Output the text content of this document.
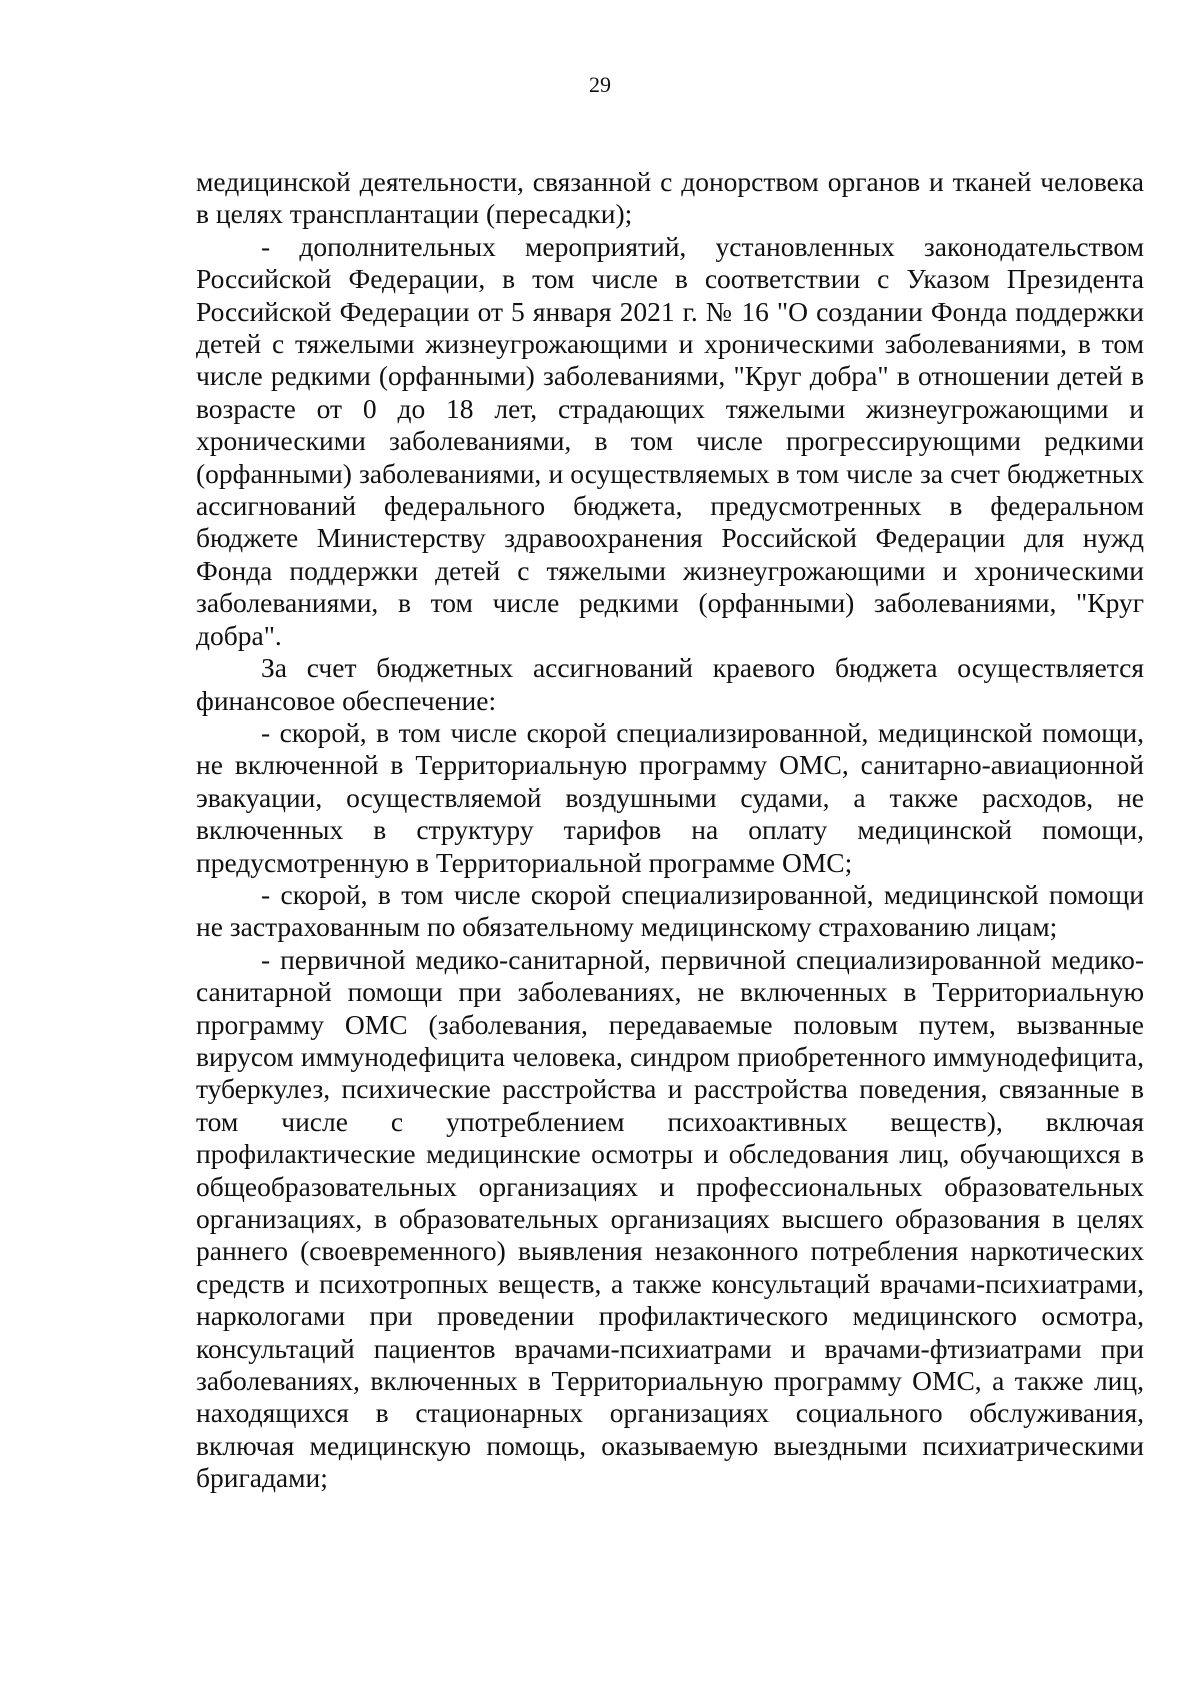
29

медицинской деятельности, связанной с донорством органов и тканей человека в целях трансплантации (пересадки);

- дополнительных мероприятий, установленных законодательством Российской Федерации, в том числе в соответствии с Указом Президента Российской Федерации от 5 января 2021 г. № 16 "О создании Фонда поддержки детей с тяжелыми жизнеугрожающими и хроническими заболеваниями, в том числе редкими (орфанными) заболеваниями, "Круг добра" в отношении детей в возрасте от 0 до 18 лет, страдающих тяжелыми жизнеугрожающими и хроническими заболеваниями, в том числе прогрессирующими редкими (орфанными) заболеваниями, и осуществляемых в том числе за счет бюджетных ассигнований федерального бюджета, предусмотренных в федеральном бюджете Министерству здравоохранения Российской Федерации для нужд Фонда поддержки детей с тяжелыми жизнеугрожающими и хроническими заболеваниями, в том числе редкими (орфанными) заболеваниями, "Круг добра".

За счет бюджетных ассигнований краевого бюджета осуществляется финансовое обеспечение:

- скорой, в том числе скорой специализированной, медицинской помощи, не включенной в Территориальную программу ОМС, санитарно-авиационной эвакуации, осуществляемой воздушными судами, а также расходов, не включенных в структуру тарифов на оплату медицинской помощи, предусмотренную в Территориальной программе ОМС;

- скорой, в том числе скорой специализированной, медицинской помощи не застрахованным по обязательному медицинскому страхованию лицам;

- первичной медико-санитарной, первичной специализированной медико-санитарной помощи при заболеваниях, не включенных в Территориальную программу ОМС (заболевания, передаваемые половым путем, вызванные вирусом иммунодефицита человека, синдром приобретенного иммунодефицита, туберкулез, психические расстройства и расстройства поведения, связанные в том числе с употреблением психоактивных веществ), включая профилактические медицинские осмотры и обследования лиц, обучающихся в общеобразовательных организациях и профессиональных образовательных организациях, в образовательных организациях высшего образования в целях раннего (своевременного) выявления незаконного потребления наркотических средств и психотропных веществ, а также консультаций врачами-психиатрами, наркологами при проведении профилактического медицинского осмотра, консультаций пациентов врачами-психиатрами и врачами-фтизиатрами при заболеваниях, включенных в Территориальную программу ОМС, а также лиц, находящихся в стационарных организациях социального обслуживания, включая медицинскую помощь, оказываемую выездными психиатрическими бригадами;
